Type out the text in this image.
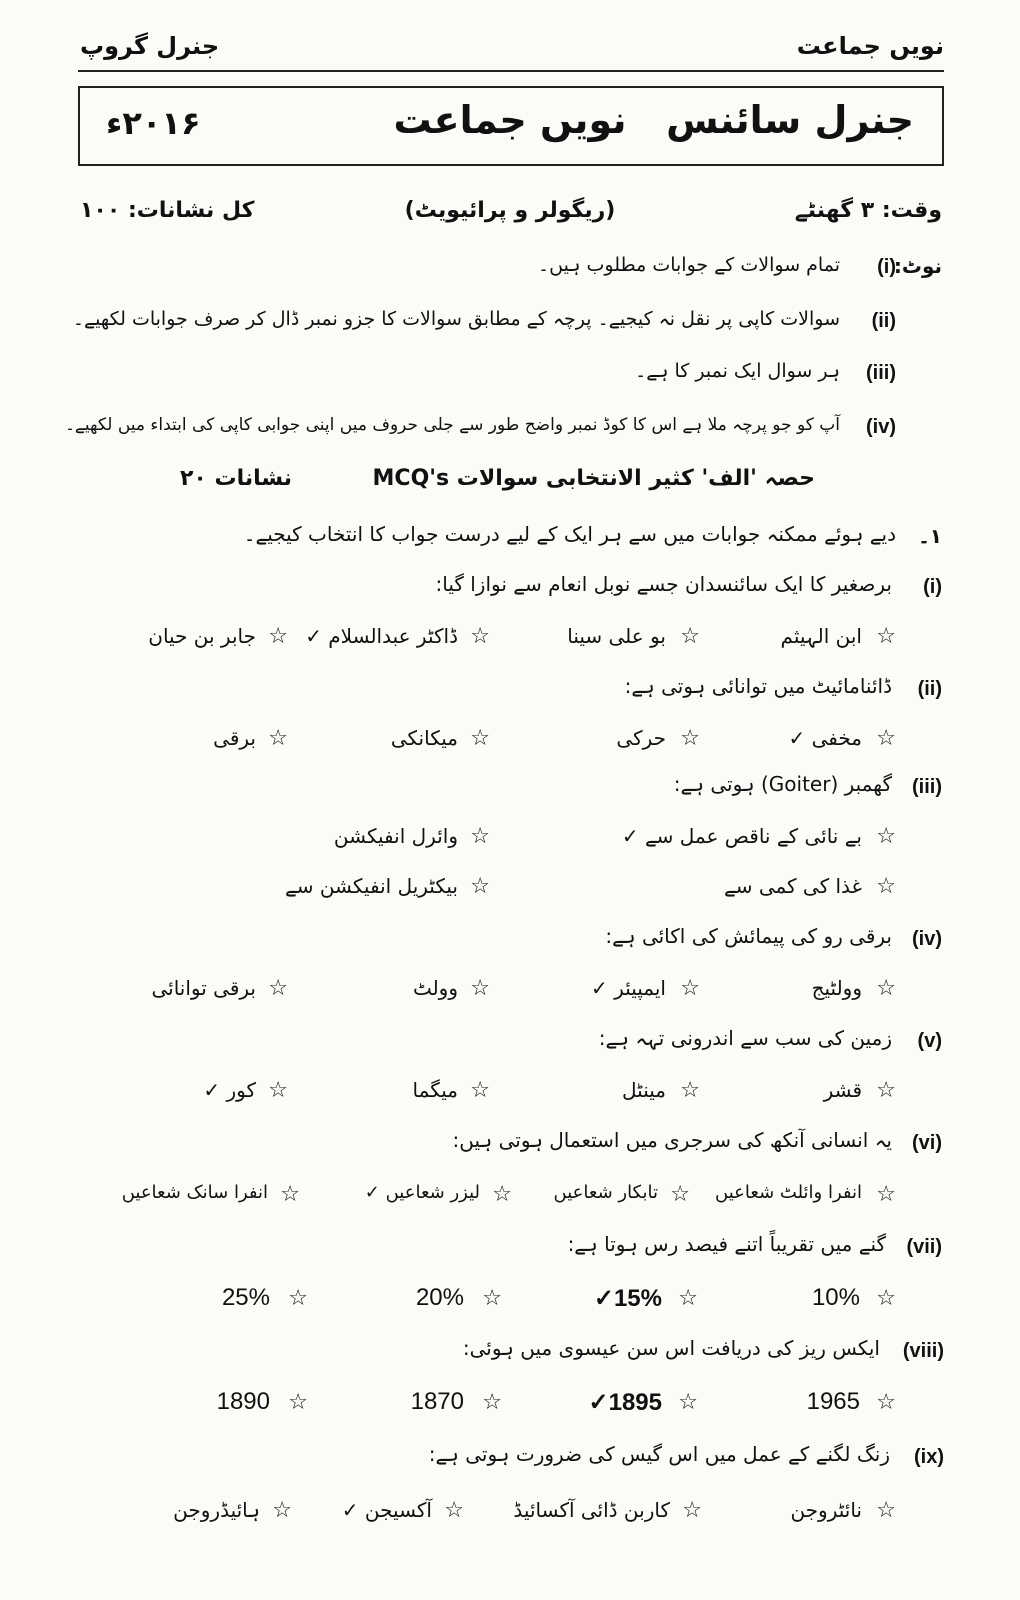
نویں جماعت
جنرل گروپ
جنرل سائنس
نویں جماعت
۲۰۱۶ء
وقت: ۳ گھنٹے
(ریگولر و پرائیویٹ)
کل نشانات: ۱۰۰
نوٹ:
(i)
تمام سوالات کے جوابات مطلوب ہیں۔
(ii)
سوالات کاپی پر نقل نہ کیجیے۔ پرچہ کے مطابق سوالات کا جزو نمبر ڈال کر صرف جوابات لکھیے۔
(iii)
ہر سوال ایک نمبر کا ہے۔
(iv)
آپ کو جو پرچہ ملا ہے اس کا کوڈ نمبر واضح طور سے جلی حروف میں اپنی جوابی کاپی کی ابتداء میں لکھیے۔
حصہ 'الف' کثیر الانتخابی سوالات MCQ's
نشانات ۲۰
۱۔
دیے ہوئے ممکنہ جوابات میں سے ہر ایک کے لیے درست جواب کا انتخاب کیجیے۔
(i)
برصغیر کا ایک سائنسدان جسے نوبل انعام سے نوازا گیا:
☆
ابن الہیثم
☆
بو علی سینا
☆
ڈاکٹر عبدالسلام ✓
☆
جابر بن حیان
(ii)
ڈائنامائیٹ میں توانائی ہوتی ہے:
☆
مخفی ✓
☆
حرکی
☆
میکانکی
☆
برقی
(iii)
گھمبر (Goiter) ہوتی ہے:
☆
بے نائی کے ناقص عمل سے ✓
☆
وائرل انفیکشن
☆
غذا کی کمی سے
☆
بیکٹریل انفیکشن سے
(iv)
برقی رو کی پیمائش کی اکائی ہے:
☆
وولٹیج
☆
ایمپیئر ✓
☆
وولٹ
☆
برقی توانائی
(v)
زمین کی سب سے اندرونی تہہ ہے:
☆
قشر
☆
مینٹل
☆
میگما
☆
کور ✓
(vi)
یہ انسانی آنکھ کی سرجری میں استعمال ہوتی ہیں:
☆
انفرا وائلٹ شعاعیں
☆
تابکار شعاعیں
☆
لیزر شعاعیں ✓
☆
انفرا سانک شعاعیں
(vii)
گنے میں تقریباً اتنے فیصد رس ہوتا ہے:
☆
10%
☆
✓15%
☆
20%
☆
25%
(viii)
ایکس ریز کی دریافت اس سن عیسوی میں ہوئی:
☆
1965
☆
✓1895
☆
1870
☆
1890
(ix)
زنگ لگنے کے عمل میں اس گیس کی ضرورت ہوتی ہے:
☆
نائٹروجن
☆
کاربن ڈائی آکسائیڈ
☆
آکسیجن ✓
☆
ہائیڈروجن
